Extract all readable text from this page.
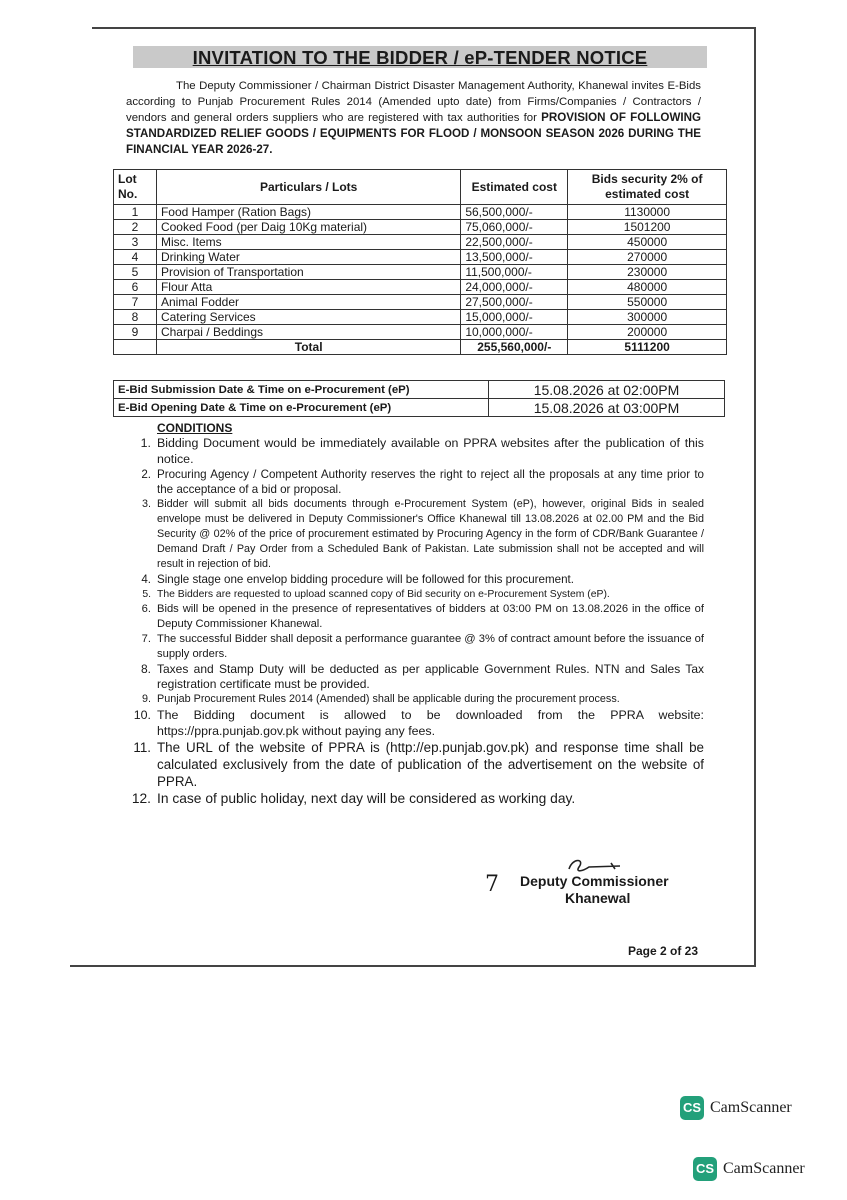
INVITATION TO THE BIDDER / eP-TENDER NOTICE
The Deputy Commissioner / Chairman District Disaster Management Authority, Khanewal invites E-Bids according to Punjab Procurement Rules 2014 (Amended upto date) from Firms/Companies / Contractors / vendors and general orders suppliers who are registered with tax authorities for PROVISION OF FOLLOWING STANDARDIZED RELIEF GOODS / EQUIPMENTS FOR FLOOD / MONSOON SEASON 2026 DURING THE FINANCIAL YEAR 2026-27.
Lot No.	Particulars / Lots	Estimated cost	Bids security 2% of estimated cost
1	Food Hamper (Ration Bags)	56,500,000/-	1130000
2	Cooked Food (per Daig 10Kg material)	75,060,000/-	1501200
3	Misc. Items	22,500,000/-	450000
4	Drinking Water	13,500,000/-	270000
5	Provision of Transportation	11,500,000/-	230000
6	Flour Atta	24,000,000/-	480000
7	Animal Fodder	27,500,000/-	550000
8	Catering Services	15,000,000/-	300000
9	Charpai / Beddings	10,000,000/-	200000
	Total	255,560,000/-	5111200
E-Bid Submission Date & Time on e-Procurement (eP)	15.08.2026 at 02:00PM
E-Bid Opening Date & Time on e-Procurement (eP)	15.08.2026 at 03:00PM
CONDITIONS
1. Bidding Document would be immediately available on PPRA websites after the publication of this notice.
2. Procuring Agency / Competent Authority reserves the right to reject all the proposals at any time prior to the acceptance of a bid or proposal.
3. Bidder will submit all bids documents through e-Procurement System (eP), however, original Bids in sealed envelope must be delivered in Deputy Commissioner's Office Khanewal till 13.08.2026 at 02.00 PM and the Bid Security @ 02% of the price of procurement estimated by Procuring Agency in the form of CDR/Bank Guarantee / Demand Draft / Pay Order from a Scheduled Bank of Pakistan. Late submission shall not be accepted and will result in rejection of bid.
4. Single stage one envelop bidding procedure will be followed for this procurement.
5. The Bidders are requested to upload scanned copy of Bid security on e-Procurement System (eP).
6. Bids will be opened in the presence of representatives of bidders at 03:00 PM on 13.08.2026 in the office of Deputy Commissioner Khanewal.
7. The successful Bidder shall deposit a performance guarantee @ 3% of contract amount before the issuance of supply orders.
8. Taxes and Stamp Duty will be deducted as per applicable Government Rules. NTN and Sales Tax registration certificate must be provided.
9. Punjab Procurement Rules 2014 (Amended) shall be applicable during the procurement process.
10. The Bidding document is allowed to be downloaded from the PPRA website: https://ppra.punjab.gov.pk without paying any fees.
11. The URL of the website of PPRA is (http://ep.punjab.gov.pk) and response time shall be calculated exclusively from the date of publication of the advertisement on the website of PPRA.
12. In case of public holiday, next day will be considered as working day.
7 Deputy Commissioner
Khanewal
Page 2 of 23
CS CamScanner
CS CamScanner
